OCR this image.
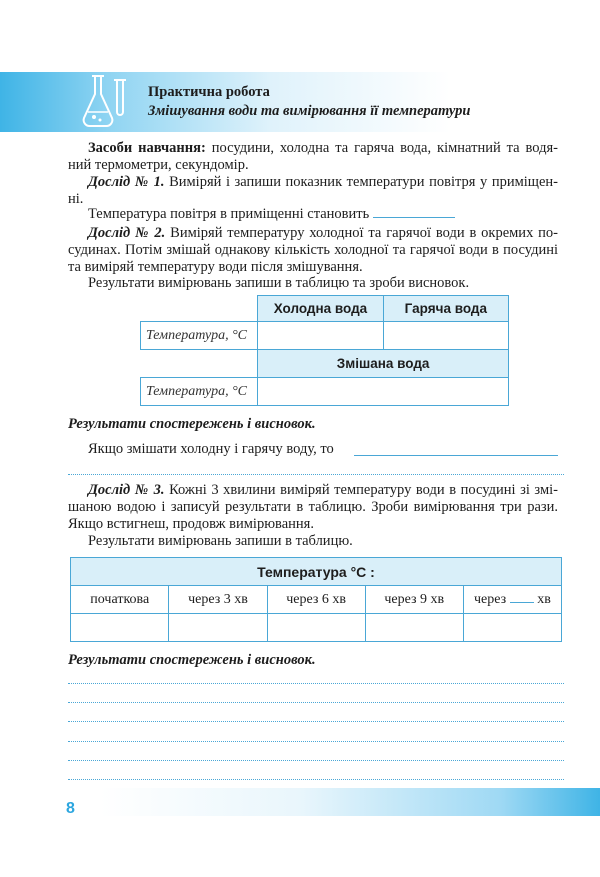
Практична робота
Змішування води та вимірювання її температури
Засоби навчання: посудини, холодна та гаряча вода, кімнатний та водя-
ний термометри, секундомір.
Дослід № 1. Виміряй і запиши показник температури повітря у приміщен-
ні.
Температура повітря в приміщенні становить
Дослід № 2. Виміряй температуру холодної та гарячої води в окремих по-
судинах. Потім змішай однакову кількість холодної та гарячої води в посудині
та виміряй температуру води після змішування.
Результати вимірювань запиши в таблицю та зроби висновок.
	Холодна вода	Гаряча вода
Температура, °С		
	Змішана вода	
Температура, °С		
Результати спостережень і висновок.
Якщо змішати холодну і гарячу воду, то
Дослід № 3. Кожні 3 хвилини виміряй температуру води в посудині зі змі-
шаною водою і записуй результати в таблицю. Зроби вимірювання три рази.
Якщо встигнеш, продовж вимірювання.
Результати вимірювань запиши в таблицю.
Температура °С :				
початкова	через 3 хв	через 6 хв	через 9 хв	через хв

Результати спостережень і висновок.
8
